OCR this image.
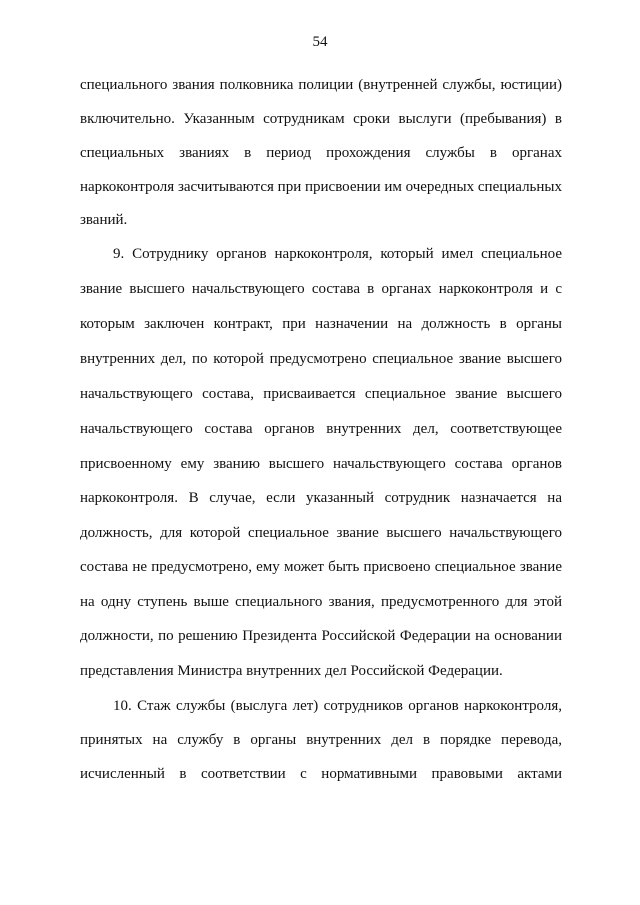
54
специального звания полковника полиции (внутренней службы, юстиции)
включительно. Указанным сотрудникам сроки выслуги (пребывания) в
специальных званиях в период прохождения службы в органах
наркоконтроля засчитываются при присвоении им очередных специальных
званий.
9. Сотруднику органов наркоконтроля, который имел специальное
звание высшего начальствующего состава в органах наркоконтроля и с
которым заключен контракт, при назначении на должность в органы
внутренних дел, по которой предусмотрено специальное звание высшего
начальствующего состава, присваивается специальное звание высшего
начальствующего состава органов внутренних дел, соответствующее
присвоенному ему званию высшего начальствующего состава органов
наркоконтроля. В случае, если указанный сотрудник назначается на
должность, для которой специальное звание высшего начальствующего
состава не предусмотрено, ему может быть присвоено специальное звание
на одну ступень выше специального звания, предусмотренного для этой
должности, по решению Президента Российской Федерации на основании
представления Министра внутренних дел Российской Федерации.
10. Стаж службы (выслуга лет) сотрудников органов наркоконтроля,
принятых на службу в органы внутренних дел в порядке перевода,
исчисленный в соответствии с нормативными правовыми актами
